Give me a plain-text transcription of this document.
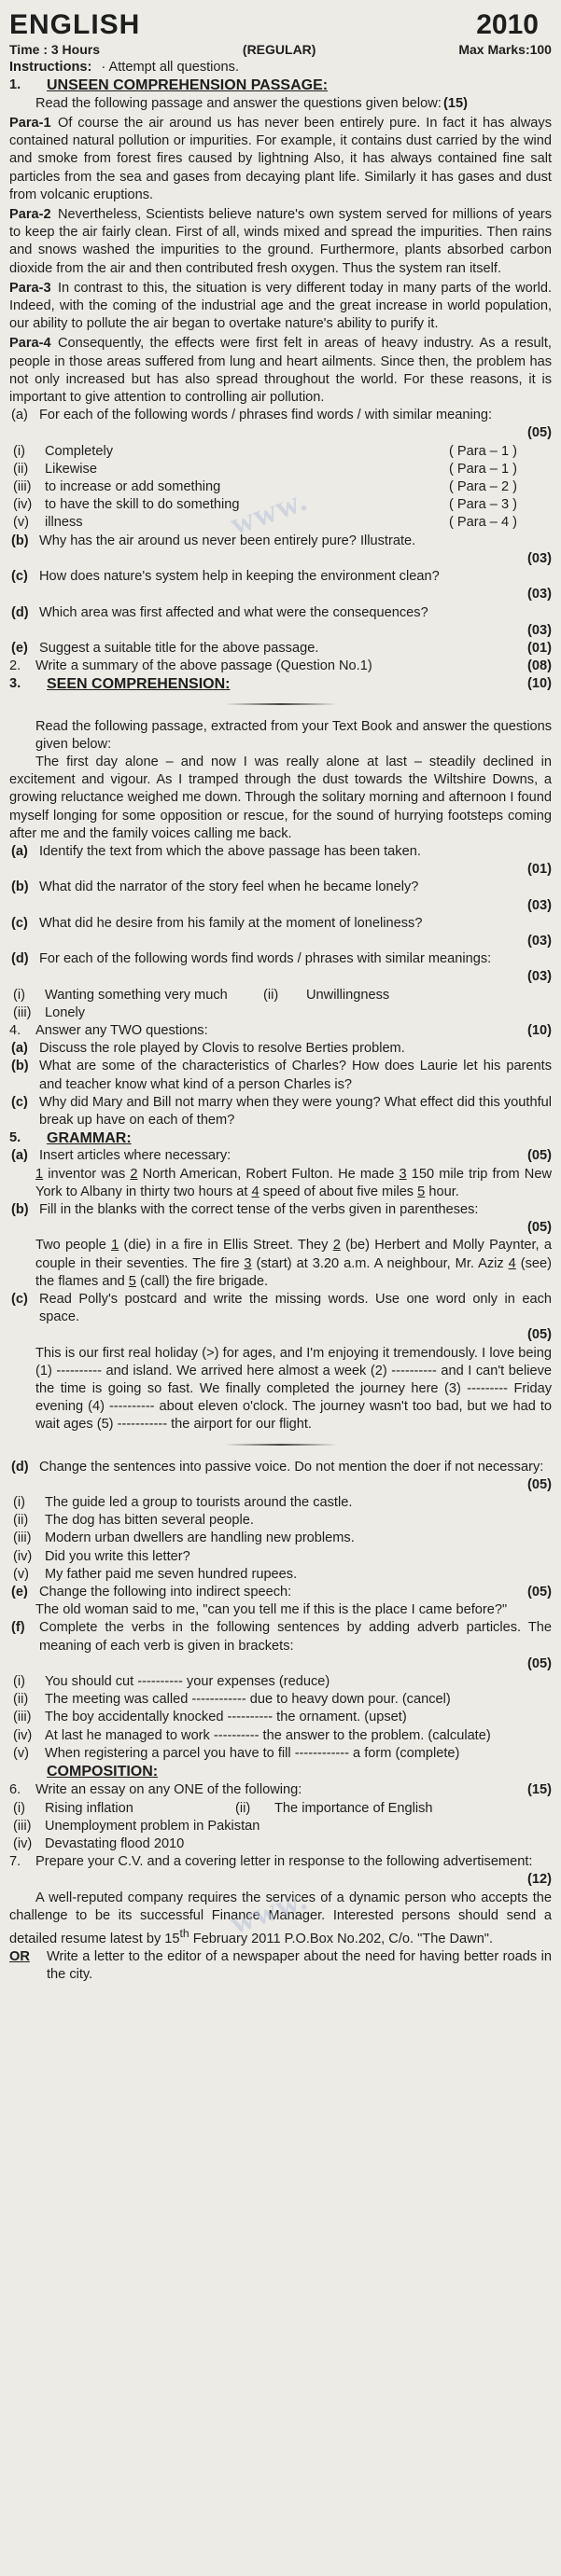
www.
www.
ENGLISH	2010
Time : 3 Hours	(REGULAR)	Max Marks:100
Instructions: · Attempt all questions.
1.	UNSEEN COMPREHENSION PASSAGE:
Read the following passage and answer the questions given below: (15)
Para-1 Of course the air around us has never been entirely pure. In fact it has always contained natural pollution or impurities. For example, it contains dust carried by the wind and smoke from forest fires caused by lightning Also, it has always contained fine salt particles from the sea and gases from decaying plant life. Similarly it has gases and dust from volcanic eruptions.
Para-2 Nevertheless, Scientists believe nature's own system served for millions of years to keep the air fairly clean. First of all, winds mixed and spread the impurities. Then rains and snows washed the impurities to the ground. Furthermore, plants absorbed carbon dioxide from the air and then contributed fresh oxygen. Thus the system ran itself.
Para-3 In contrast to this, the situation is very different today in many parts of the world. Indeed, with the coming of the industrial age and the great increase in world population, our ability to pollute the air began to overtake nature's ability to purify it.
Para-4 Consequently, the effects were first felt in areas of heavy industry. As a result, people in those areas suffered from lung and heart ailments. Since then, the problem has not only increased but has also spread throughout the world. For these reasons, it is important to give attention to controlling air pollution.
(a) For each of the following words / phrases find words / with similar meaning:
(05)
(i)	Completely	( Para – 1 )
(ii)	Likewise	( Para – 1 )
(iii) to increase or add something	( Para – 2 )
(iv) to have the skill to do something	( Para – 3 )
(v)	illness	( Para – 4 )
(b) Why has the air around us never been entirely pure? Illustrate.
(03)
(c) How does nature's system help in keeping the environment clean?
(03)
(d) Which area was first affected and what were the consequences?
(03)
(e) Suggest a suitable title for the above passage.	(01)
2.	Write a summary of the above passage (Question No.1)	(08)
3.	SEEN COMPREHENSION:	(10)
Read the following passage, extracted from your Text Book and answer the questions given below:
The first day alone – and now I was really alone at last – steadily declined in excitement and vigour. As I tramped through the dust towards the Wiltshire Downs, a growing reluctance weighed me down. Through the solitary morning and afternoon I found myself longing for some opposition or rescue, for the sound of hurrying footsteps coming after me and the family voices calling me back.
(a) Identify the text from which the above passage has been taken.
(01)
(b) What did the narrator of the story feel when he became lonely?
(03)
(c) What did he desire from his family at the moment of loneliness?
(03)
(d) For each of the following words find words / phrases with similar meanings:
(03)
(i)	Wanting something very much	(ii)	Unwillingness
(iii) Lonely
4.	Answer any TWO questions:	(10)
(a) Discuss the role played by Clovis to resolve Berties problem.
(b) What are some of the characteristics of Charles? How does Laurie let his parents and teacher know what kind of a person Charles is?
(c) Why did Mary and Bill not marry when they were young? What effect did this youthful break up have on each of them?
5.	GRAMMAR:
(a) Insert articles where necessary:	(05)
1 inventor was 2 North American, Robert Fulton. He made 3 150 mile trip from New York to Albany in thirty two hours at 4 speed of about five miles 5 hour.
(b) Fill in the blanks with the correct tense of the verbs given in parentheses:
(05)
Two people 1 (die) in a fire in Ellis Street. They 2 (be) Herbert and Molly Paynter, a couple in their seventies. The fire 3 (start) at 3.20 a.m. A neighbour, Mr. Aziz 4 (see) the flames and 5 (call) the fire brigade.
(c) Read Polly's postcard and write the missing words. Use one word only in each space.
(05)
This is our first real holiday (>) for ages, and I'm enjoying it tremendously. I love being (1) ---------- and island. We arrived here almost a week (2) ---------- and I can't believe the time is going so fast. We finally completed the journey here (3) --------- Friday evening (4) ---------- about eleven o'clock. The journey wasn't too bad, but we had to wait ages (5) ----------- the airport for our flight.
(d) Change the sentences into passive voice. Do not mention the doer if not necessary:
(05)
(i)	The guide led a group to tourists around the castle.
(ii)	The dog has bitten several people.
(iii) Modern urban dwellers are handling new problems.
(iv) Did you write this letter?
(v)	My father paid me seven hundred rupees.
(e) Change the following into indirect speech:	(05)
The old woman said to me, "can you tell me if this is the place I came before?"
(f)	Complete the verbs in the following sentences by adding adverb particles. The meaning of each verb is given in brackets:
(05)
(i)	You should cut ---------- your expenses (reduce)
(ii)	The meeting was called ------------ due to heavy down pour. (cancel)
(iii) The boy accidentally knocked ---------- the ornament. (upset)
(iv) At last he managed to work ---------- the answer to the problem. (calculate)
(v)	When registering a parcel you have to fill ------------ a form (complete)
COMPOSITION:
6.	Write an essay on any ONE of the following:	(15)
(i)	Rising inflation	(ii)	The importance of English
(iii) Unemployment problem in Pakistan
(iv) Devastating flood 2010
7.	Prepare your C.V. and a covering letter in response to the following advertisement:
(12)
A well-reputed company requires the services of a dynamic person who accepts the challenge to be its successful Finance Manager. Interested persons should send a detailed resume latest by 15th February 2011 P.O.Box No.202, C/o. "The Dawn".
OR	Write a letter to the editor of a newspaper about the need for having better roads in the city.
